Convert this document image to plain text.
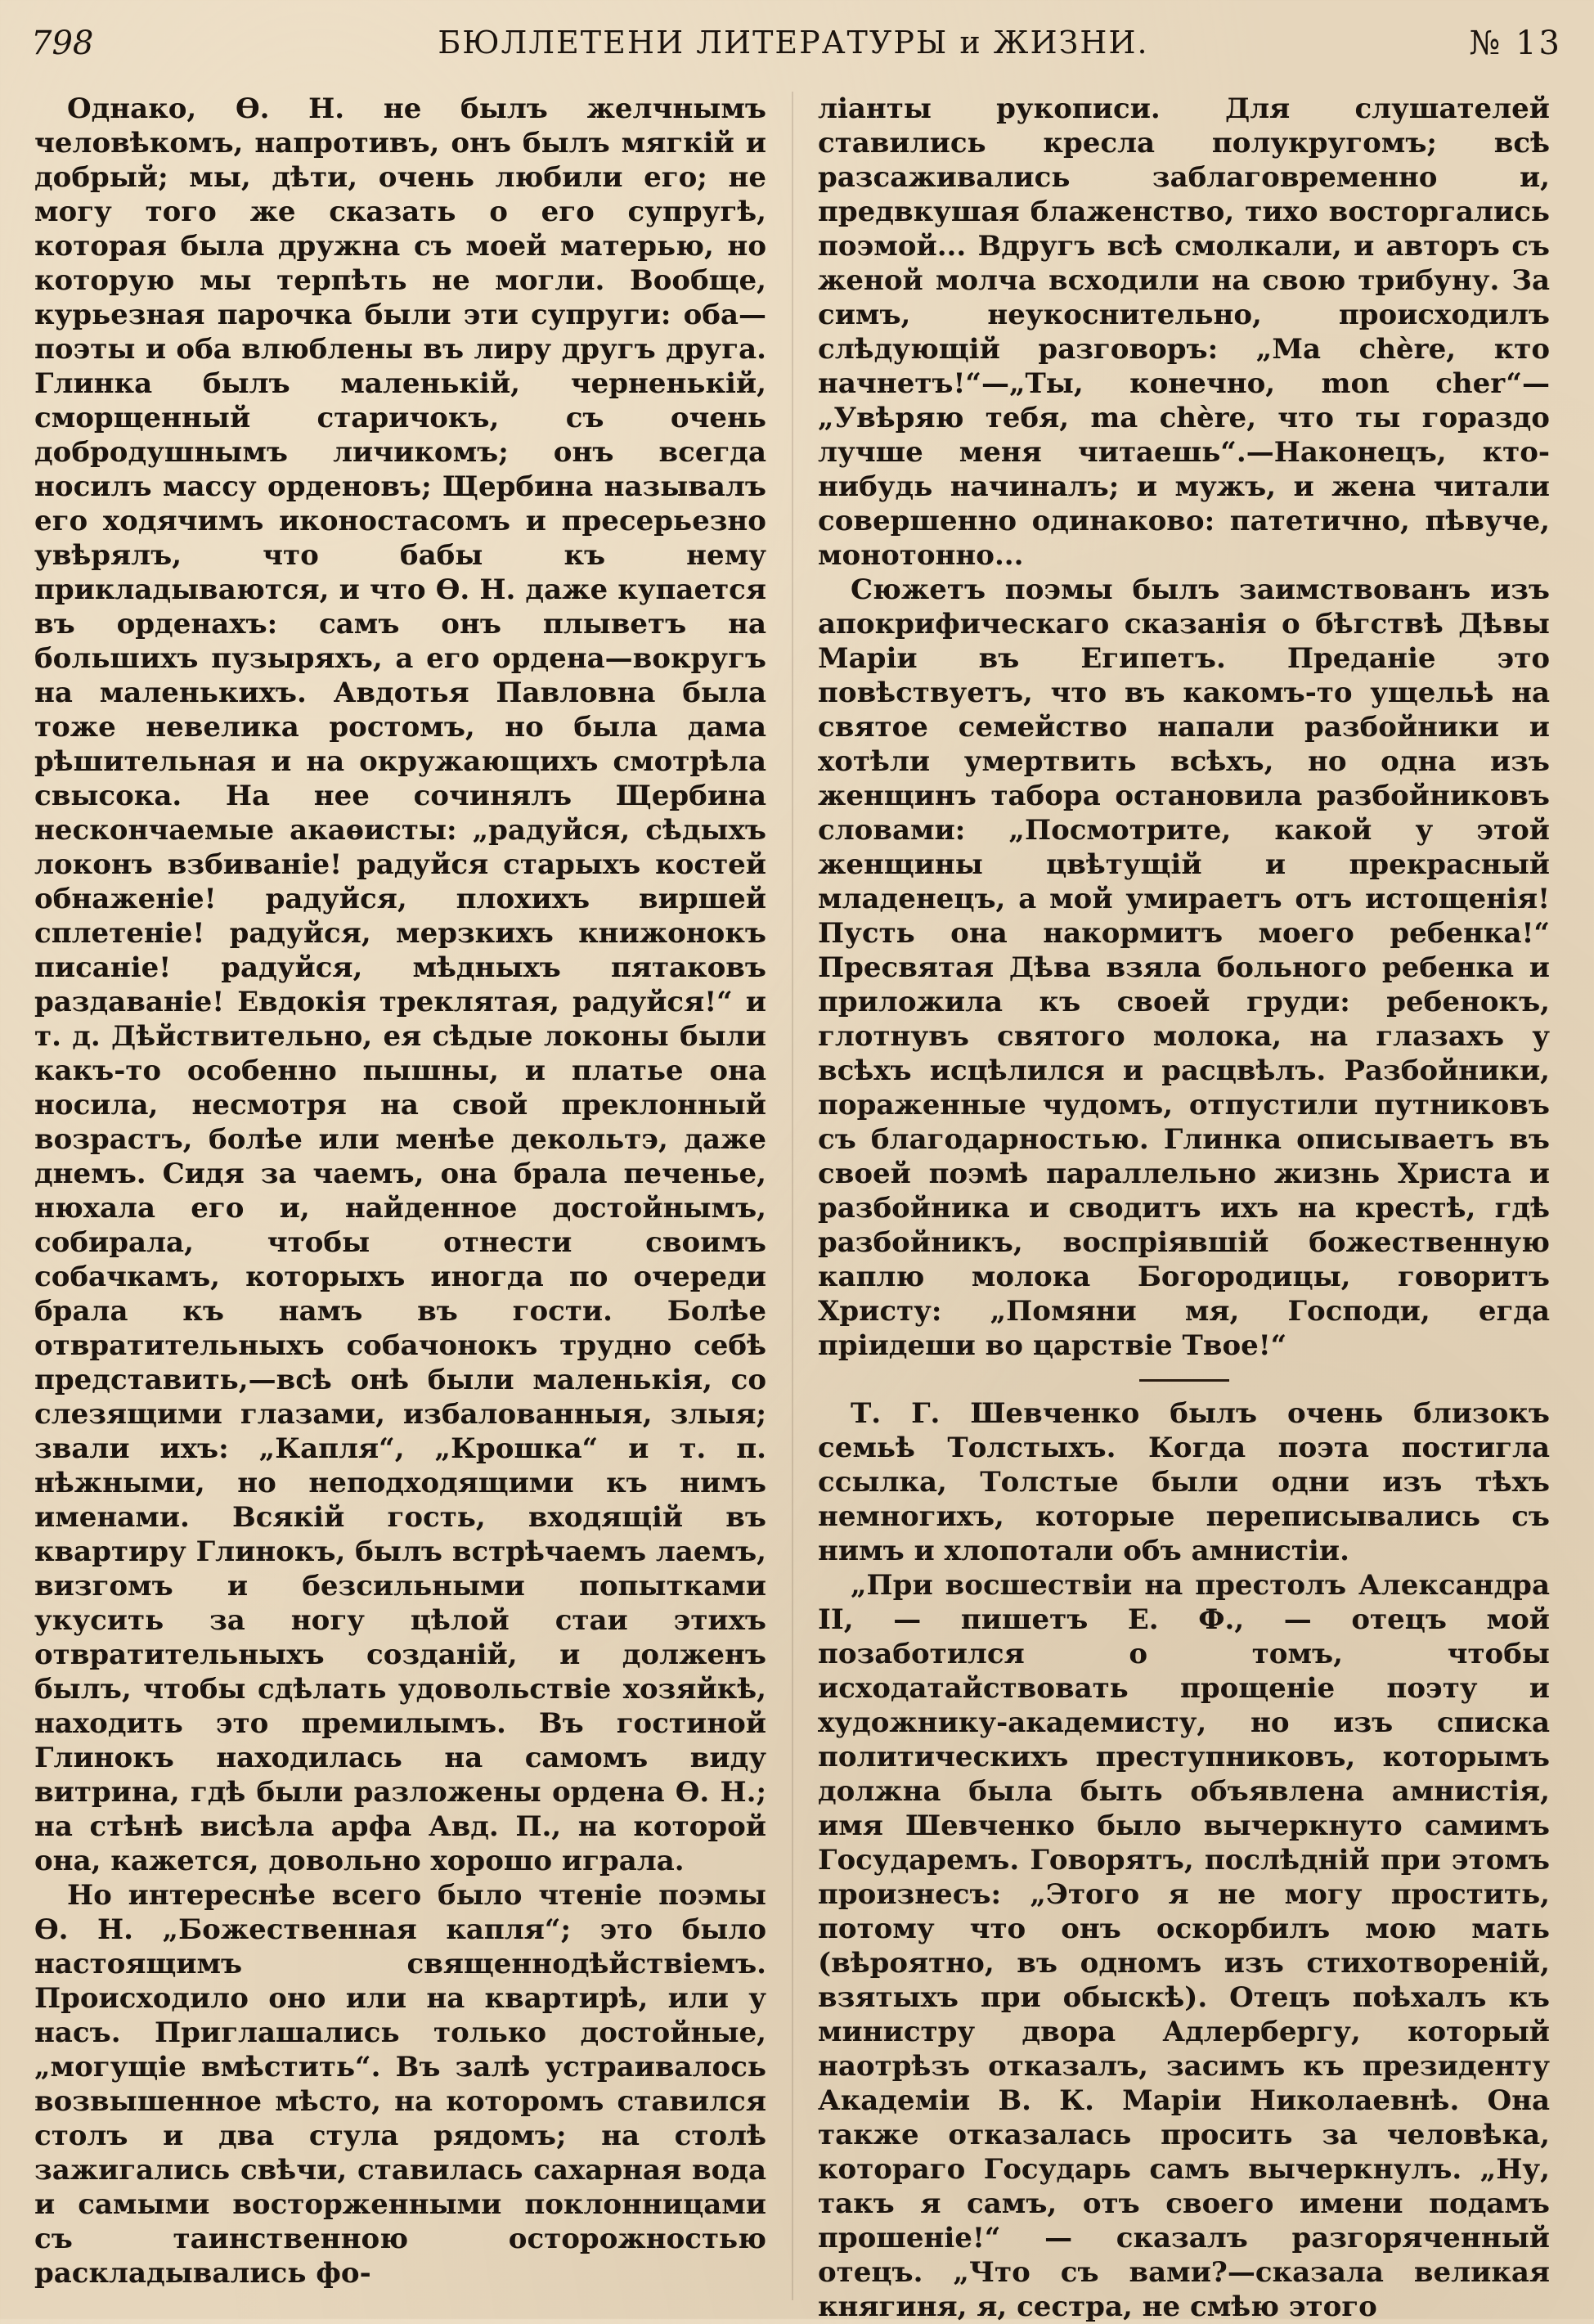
798	БЮЛЛЕТЕНИ ЛИТЕРАТУРЫ и ЖИЗНИ.	№ 13

Однако, Ѳ. Н. не былъ желчнымъ человѣкомъ, напротивъ, онъ былъ мягкій и добрый; мы, дѣти, очень любили его; не могу того же сказать о его супругѣ, которая была дружна съ моей матерью, но которую мы терпѣть не могли. Вообще, курьезная парочка были эти супруги: оба—поэты и оба влюблены въ лиру другъ друга. Глинка былъ маленькій, черненькій, сморщенный старичокъ, съ очень добродушнымъ личикомъ; онъ всегда носилъ массу орденовъ; Щербина называлъ его ходячимъ иконостасомъ и пресерьезно увѣрялъ, что бабы къ нему прикладываются, и что Ѳ. Н. даже купается въ орденахъ: самъ онъ плыветъ на большихъ пузыряхъ, а его ордена—вокругъ на маленькихъ. Авдотья Павловна была тоже невелика ростомъ, но была дама рѣшительная и на окружающихъ смотрѣла свысока. На нее сочинялъ Щербина нескончаемые акаѳисты: „радуйся, сѣдыхъ локонъ взбиваніе! радуйся старыхъ костей обнаженіе! радуйся, плохихъ виршей сплетеніе! радуйся, мерзкихъ книжонокъ писаніе! радуйся, мѣдныхъ пятаковъ раздаваніе! Евдокія треклятая, радуйся!“ и т. д. Дѣйствительно, ея сѣдые локоны были какъ-то особенно пышны, и платье она носила, несмотря на свой преклонный возрастъ, болѣе или менѣе декольтэ, даже днемъ. Сидя за чаемъ, она брала печенье, нюхала его и, найденное достойнымъ, собирала, чтобы отнести своимъ собачкамъ, которыхъ иногда по очереди брала къ намъ въ гости. Болѣе отвратительныхъ собачонокъ трудно себѣ представить,—всѣ онѣ были маленькія, со слезящими глазами, избалованныя, злыя; звали ихъ: „Капля“, „Крошка“ и т. п. нѣжными, но неподходящими къ нимъ именами. Всякій гость, входящій въ квартиру Глинокъ, былъ встрѣчаемъ лаемъ, визгомъ и безсильными попытками укусить за ногу цѣлой стаи этихъ отвратительныхъ созданій, и долженъ былъ, чтобы сдѣлать удовольствіе хозяйкѣ, находить это премилымъ. Въ гостиной Глинокъ находилась на самомъ виду витрина, гдѣ были разложены ордена Ѳ. Н.; на стѣнѣ висѣла арфа Авд. П., на которой она, кажется, довольно хорошо играла.

Но интереснѣе всего было чтеніе поэмы Ѳ. Н. „Божественная капля“; это было настоящимъ священнодѣйствіемъ. Происходило оно или на квартирѣ, или у насъ. Приглашались только достойные, „могущіе вмѣстить“. Въ залѣ устраивалось возвышенное мѣсто, на которомъ ставился столъ и два стула рядомъ; на столѣ зажигались свѣчи, ставилась сахарная вода и самыми восторженными поклонницами съ таинственною осторожностью раскладывались фо-

ліанты рукописи. Для слушателей ставились кресла полукругомъ; всѣ разсаживались заблаговременно и, предвкушая блаженство, тихо восторгались поэмой... Вдругъ всѣ смолкали, и авторъ съ женой молча всходили на свою трибуну. За симъ, неукоснительно, происходилъ слѣдующій разговоръ: „Ma chère, кто начнетъ!“—„Ты, конечно, mon cher“—„Увѣряю тебя, ma chère, что ты гораздо лучше меня читаешь“.—Наконецъ, кто-нибудь начиналъ; и мужъ, и жена читали совершенно одинаково: патетично, пѣвуче, монотонно...

Сюжетъ поэмы былъ заимствованъ изъ апокрифическаго сказанія о бѣгствѣ Дѣвы Маріи въ Египетъ. Преданіе это повѣствуетъ, что въ какомъ-то ущельѣ на святое семейство напали разбойники и хотѣли умертвить всѣхъ, но одна изъ женщинъ табора остановила разбойниковъ словами: „Посмотрите, какой у этой женщины цвѣтущій и прекрасный младенецъ, а мой умираетъ отъ истощенія! Пусть она накормитъ моего ребенка!“ Пресвятая Дѣва взяла больного ребенка и приложила къ своей груди: ребенокъ, глотнувъ святого молока, на глазахъ у всѣхъ исцѣлился и расцвѣлъ. Разбойники, пораженные чудомъ, отпустили путниковъ съ благодарностью. Глинка описываетъ въ своей поэмѣ параллельно жизнь Христа и разбойника и сводитъ ихъ на крестѣ, гдѣ разбойникъ, воспріявшій божественную каплю молока Богородицы, говоритъ Христу: „Помяни мя, Господи, егда пріидеши во царствіе Твое!“

Т. Г. Шевченко былъ очень близокъ семьѣ Толстыхъ. Когда поэта постигла ссылка, Толстые были одни изъ тѣхъ немногихъ, которые переписывались съ нимъ и хлопотали объ амнистіи.

„При восшествіи на престолъ Александра II, — пишетъ Е. Ф., — отецъ мой позаботился о томъ, чтобы исходатайствовать прощеніе поэту и художнику-академисту, но изъ списка политическихъ преступниковъ, которымъ должна была быть объявлена амнистія, имя Шевченко было вычеркнуто самимъ Государемъ. Говорятъ, послѣдній при этомъ произнесъ: „Этого я не могу простить, потому что онъ оскорбилъ мою мать (вѣроятно, въ одномъ изъ стихотвореній, взятыхъ при обыскѣ). Отецъ поѣхалъ къ министру двора Адлербергу, который наотрѣзъ отказалъ, засимъ къ президенту Академіи В. К. Маріи Николаевнѣ. Она также отказалась просить за человѣка, котораго Государь самъ вычеркнулъ. „Ну, такъ я самъ, отъ своего имени подамъ прошеніе!“ — сказалъ разгоряченный отецъ. „Что съ вами?—сказала великая княгиня, я, сестра, не смѣю этого
